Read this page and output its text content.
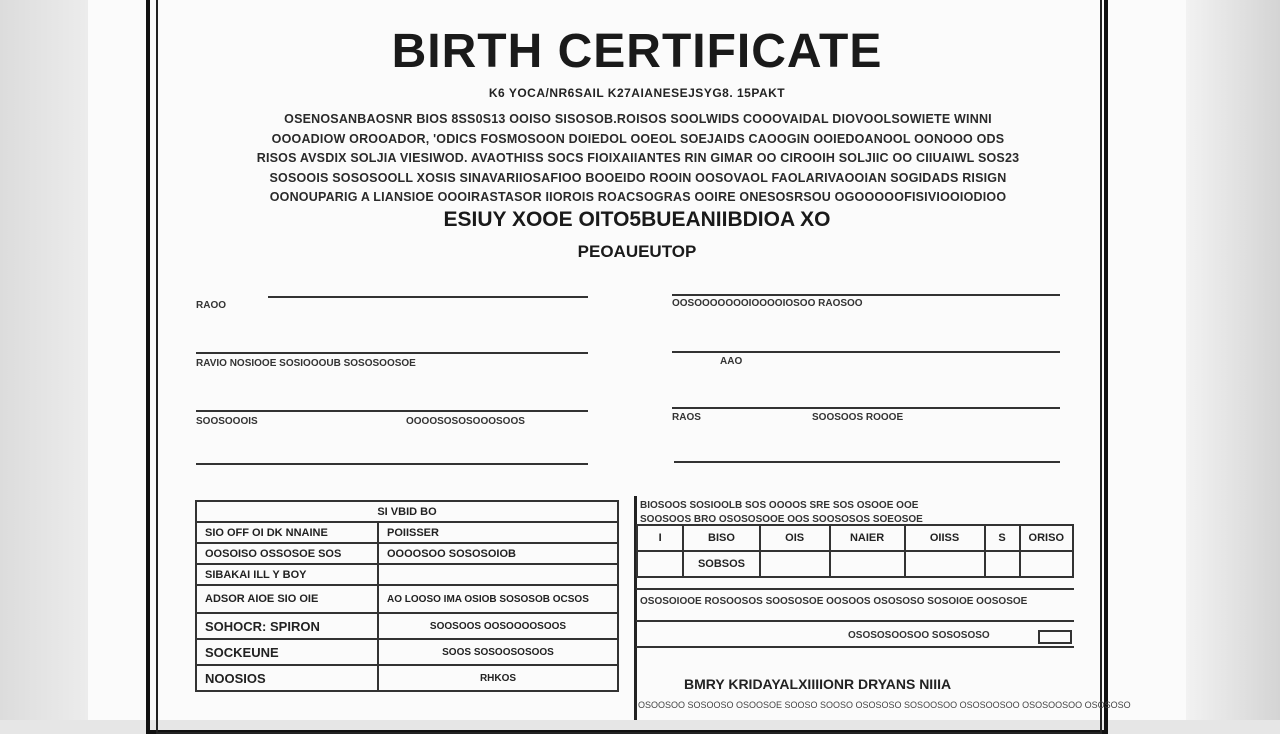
BIRTH CERTIFICATE
K6 YOCA/NR6SAIL K27AIANESEJSYG8. 15PAKT
OSENOSANBAOSNR BIOS 8SS0S13 OOISO SISOSOB.ROISOS SOOLWIDS COOOVAIDAL DIOVOOLSOWIETE WINNI
OOOADIOW OROOADOR, 'ODICS FOSMOSOON DOIEDOL OOEOL SOEJAIDS CAOOGIN OOIEDOANOOL OONOOO ODS
RISOS AVSDIX SOLJIA VIESIWOD. AVAOTHISS SOCS FIOIXAIIANTES RIN GIMAR OO CIROOIH SOLJIIC OO CIIUAIWL SOS23
SOSOOIS SOSOSOOLL XOSIS SINAVARIIOSAFIOO BOOEIDO ROOIN OOSOVAOL FAOLARIVAOOIAN SOGIDADS RISIGN
OONOUPARIG A LIANSIOE OOOIRASTASOR IIOROIS ROACSOGRAS OOIRE ONESOSRSOU OGOOOOOFISIVIOOIODIOO
ESIUY XOOE OITO5BUEANIIBDIOA XO
PEOAUEUTOP
RAOO
RAVIO NOSIOOE SOSIOOOUB SOSOSOOSOE
SOOSOOOIS	OOOOSOSOSOOOSOOS
OOSOOOOOOOIOOOOIOSOO RAOSOO
AAO
RAOS	SOOSOOS ROOOE
SI VBID BO	
SIO OFF OI DK NNAINE	POIISSER
OOSOISO OSSOSOE SOS	OOOOSOO SOSOSOIOB
SIBAKAI ILL Y BOY	
ADSOR AIOE SIO OIE	AO LOOSO IMA OSIOB SOSOSOB OCSOS
SOHOCR: SPIRON	SOOSOOS OOSOOOOSOOS
SOCKEUNE	SOOS SOSOOSOSOOS
NOOSIOS	RHKOS
BIOSOOS SOSIOOLB SOS OOOOS SRE SOS OSOOE OOE
SOOSOOS BRO OSOSOSOOE OOS SOOSOSOS SOEOSOE
I	BISO	OIS	NAIER	OIISS	S	ORISO
	SOBSOS					
OSOSOIOOE ROSOOSOS SOOSOSOE OOSOOS OSOSOSO SOSOIOE OOSOSOE
OSOSOSOOSOO SOSOSOSO
BMRY KRIDAYALXIIIIONR DRYANS NIIIA
OSOOSOO SOSOOSO OSOOSOE SOOSO SOOSO OSOSOSO SOSOOSOO OSOSOOSOO OSOSOOSOO OSOSOSO
